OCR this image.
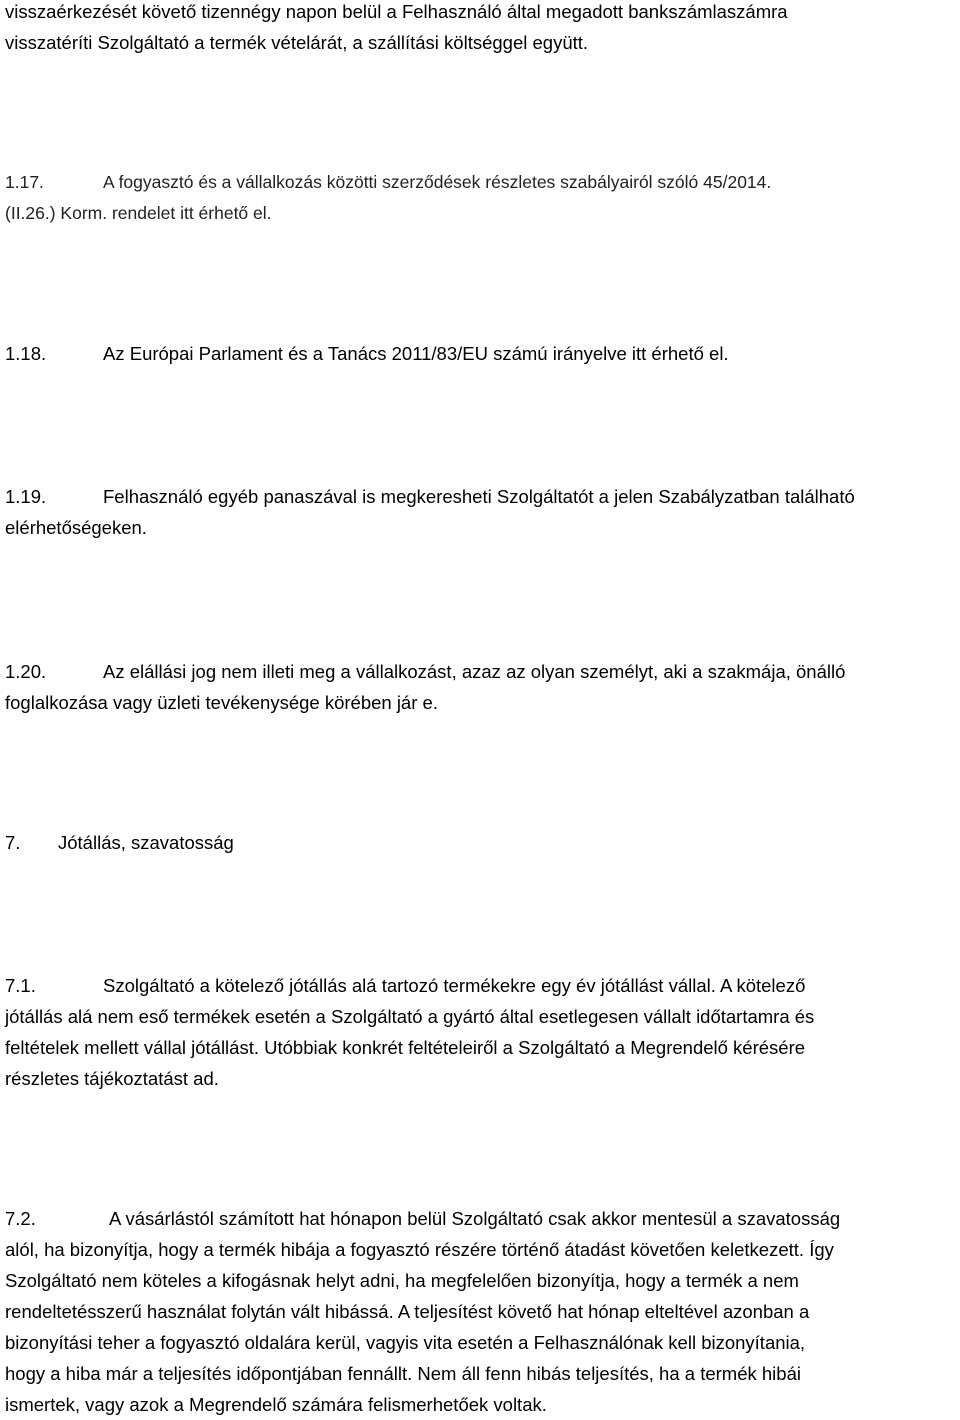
visszaérkezését követő tizennégy napon belül a Felhasználó által megadott bankszámlaszámra

visszatéríti Szolgáltató a termék vételárát, a szállítási költséggel együtt.

1.17.	A fogyasztó és a vállalkozás közötti szerződések részletes szabályairól szóló 45/2014.

(II.26.) Korm. rendelet itt érhető el.

1.18.	Az Európai Parlament és a Tanács 2011/83/EU számú irányelve itt érhető el.

1.19.	Felhasználó egyéb panaszával is megkeresheti Szolgáltatót a jelen Szabályzatban található

elérhetőségeken.

1.20.	Az elállási jog nem illeti meg a vállalkozást, azaz az olyan személyt, aki a szakmája, önálló

foglalkozása vagy üzleti tevékenysége körében jár e.

7. Jótállás, szavatosság

7.1.	Szolgáltató a kötelező jótállás alá tartozó termékekre egy év jótállást vállal. A kötelező

jótállás alá nem eső termékek esetén a Szolgáltató a gyártó által esetlegesen vállalt időtartamra és

feltételek mellett vállal jótállást. Utóbbiak konkrét feltételeiről a Szolgáltató a Megrendelő kérésére

részletes tájékoztatást ad.

7.2.	A vásárlástól számított hat hónapon belül Szolgáltató csak akkor mentesül a szavatosság

alól, ha bizonyítja, hogy a termék hibája a fogyasztó részére történő átadást követően keletkezett. Így

Szolgáltató nem köteles a kifogásnak helyt adni, ha megfelelően bizonyítja, hogy a termék a nem

rendeltetésszerű használat folytán vált hibássá. A teljesítést követő hat hónap elteltével azonban a

bizonyítási teher a fogyasztó oldalára kerül, vagyis vita esetén a Felhasználónak kell bizonyítania,

hogy a hiba már a teljesítés időpontjában fennállt. Nem áll fenn hibás teljesítés, ha a termék hibái

ismertek, vagy azok a Megrendelő számára felismerhetőek voltak.
